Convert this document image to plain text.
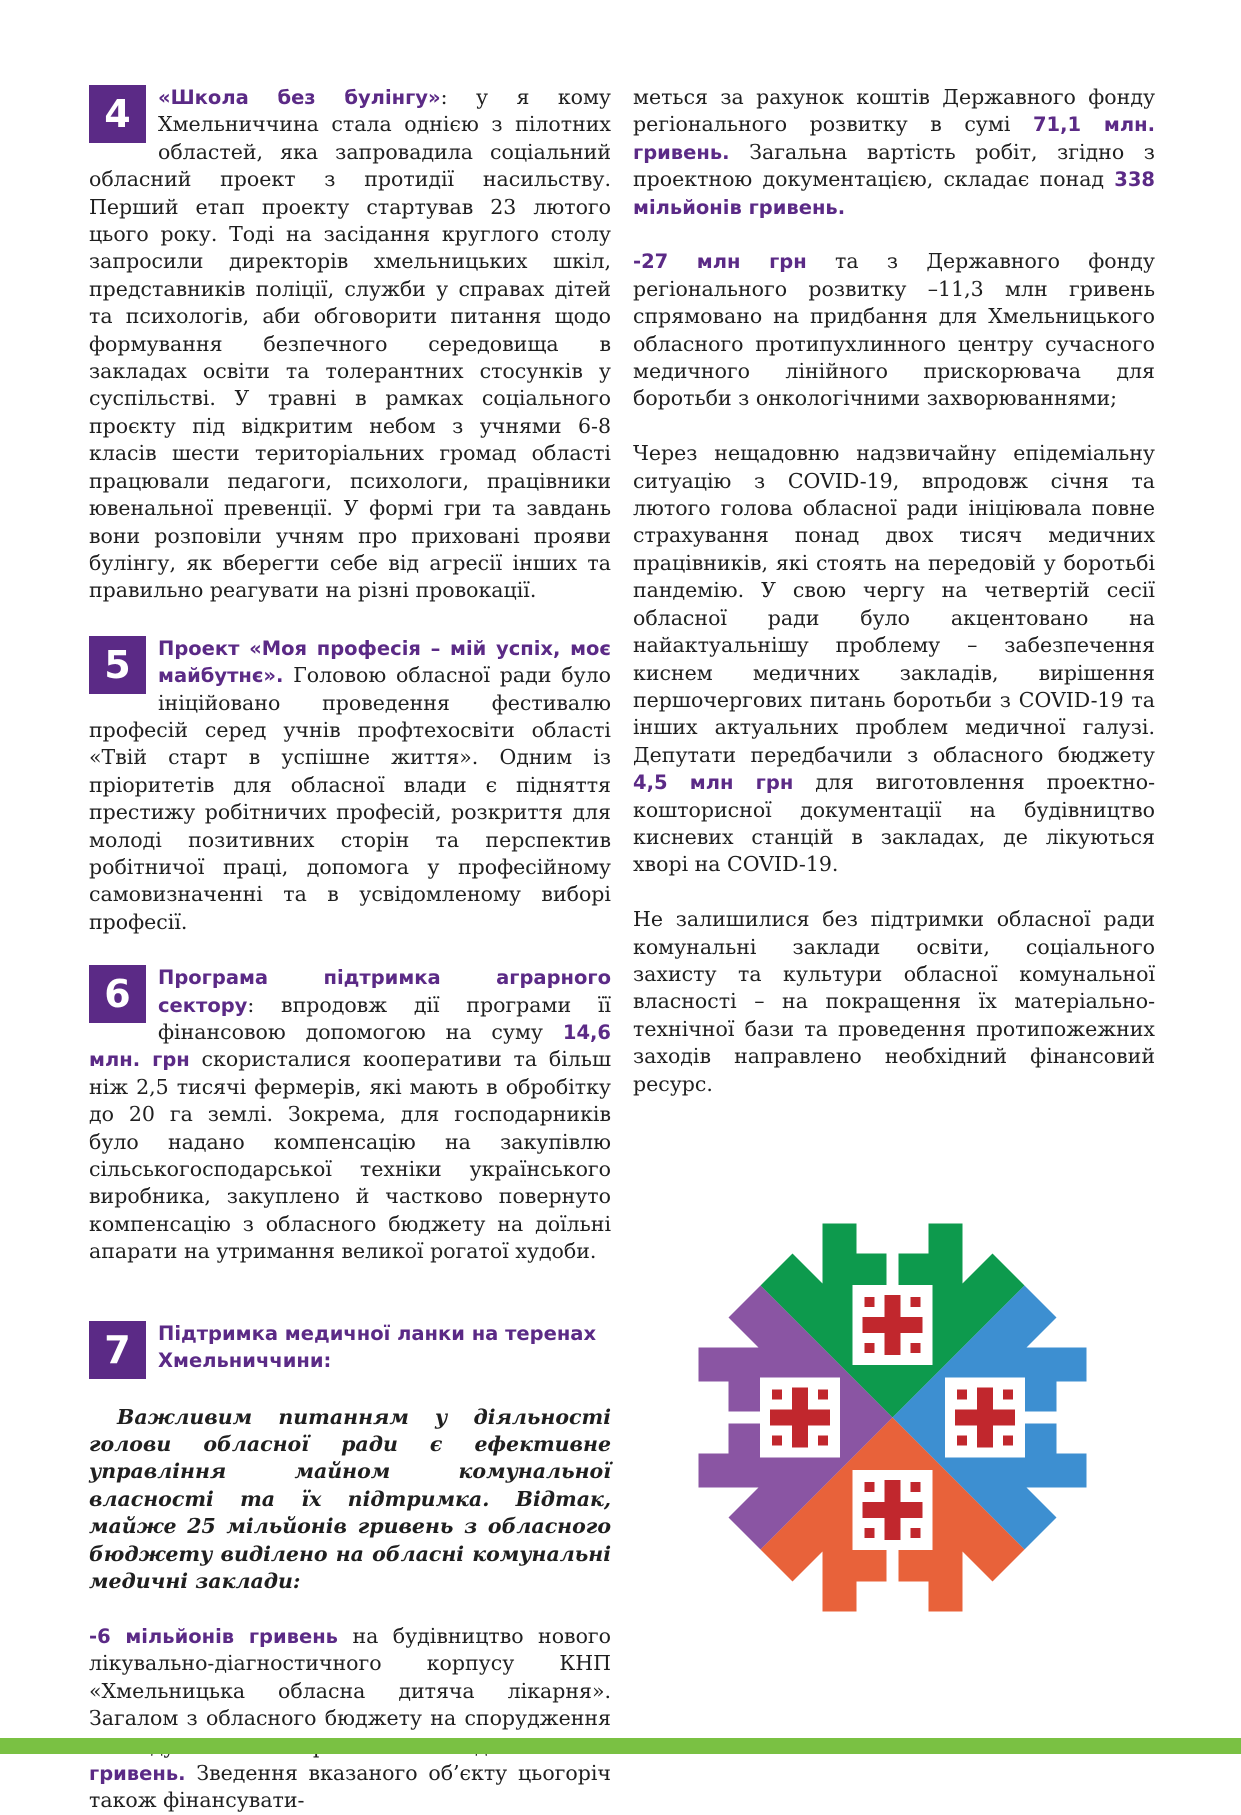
4	«Школа без булінгу»: у я кому Хмельниччина стала однією з пілотних областей, яка запровадила соціальний обласний проект з протидії насильству. Перший етап проекту стартував 23 лютого цього року. Тоді на засідання круглого столу запросили директорів хмельницьких шкіл, представників поліції, служби у справах дітей та психологів, аби обговорити питання щодо формування безпечного середовища в закладах освіти та толерантних стосунків у суспільстві. У травні в рамках соціального проєкту під відкритим небом з учнями 6-8 класів шести територіальних громад області працювали педагоги, психологи, працівники ювенальної превенції. У формі гри та завдань вони розповіли учням про приховані прояви булінгу, як вберегти себе від агресії інших та правильно реагувати на різні провокації.

5	Проект «Моя професія – мій успіх, моє майбутнє». Головою обласної ради було ініційовано проведення фестивалю професій серед учнів профтехосвіти області «Твій старт в успішне життя». Одним із пріоритетів для обласної влади є підняття престижу робітничих професій, розкриття для молоді позитивних сторін та перспектив робітничої праці, допомога у професійному самовизначенні та в усвідомленому виборі професії.

6	Програма підтримка аграрного сектору: впродовж дії програми її фінансовою допомогою на суму 14,6 млн. грн скористалися кооперативи та більш ніж 2,5 тисячі фермерів, які мають в обробітку до 20 га землі. Зокрема, для господарників було надано компенсацію на закупівлю сільськогосподарської техніки українського виробника, закуплено й частково повернуто компенсацію з обласного бюджету на доїльні апарати на утримання великої рогатої худоби.

7	Підтримка медичної ланки на теренах Хмельниччини:

Важливим питанням у діяльності голови обласної ради є ефективне управління майном комунальної власності та їх підтримка. Відтак, майже 25 мільйонів гривень з обласного бюджету виділено на обласні комунальні медичні заклади:

-6 мільйонів гривень на будівництво нового лікувально-діагностичного корпусу КНП «Хмельницька обласна дитяча лікарня». Загалом з обласного бюджету на спорудження гривень. Зведення вказаного об’єкту цьогоріч також фінансувати-

меться за рахунок коштів Державного фонду регіонального розвитку в сумі 71,1 млн. гривень. Загальна вартість робіт, згідно з проектною документацією, складає понад 338 мільйонів гривень.

-27 млн грн та з Державного фонду регіонального розвитку –11,3 млн гривень спрямовано на придбання для Хмельницького обласного протипухлинного центру сучасного медичного лінійного прискорювача для боротьби з онкологічними захворюваннями;

Через нещадовню надзвичайну епідеміальну ситуацію з COVID-19, впродовж січня та лютого голова обласної ради ініціювала повне страхування понад двох тисяч медичних працівників, які стоять на передовій у боротьбі пандемію. У свою чергу на четвертій сесії обласної ради було акцентовано на найактуальнішу проблему – забезпечення киснем медичних закладів, вирішення першочергових питань боротьби з COVID-19 та інших актуальних проблем медичної галузі. Депутати передбачили з обласного бюджету 4,5 млн грн для виготовлення проектно-кошторисної документації на будівництво кисневих станцій в закладах, де лікуються хворі на COVID-19.

Не залишилися без підтримки обласної ради комунальні заклади освіти, соціального захисту та культури обласної комунальної власності – на покращення їх матеріально-технічної бази та проведення протипожежних заходів направлено необхідний фінансовий ресурс.
